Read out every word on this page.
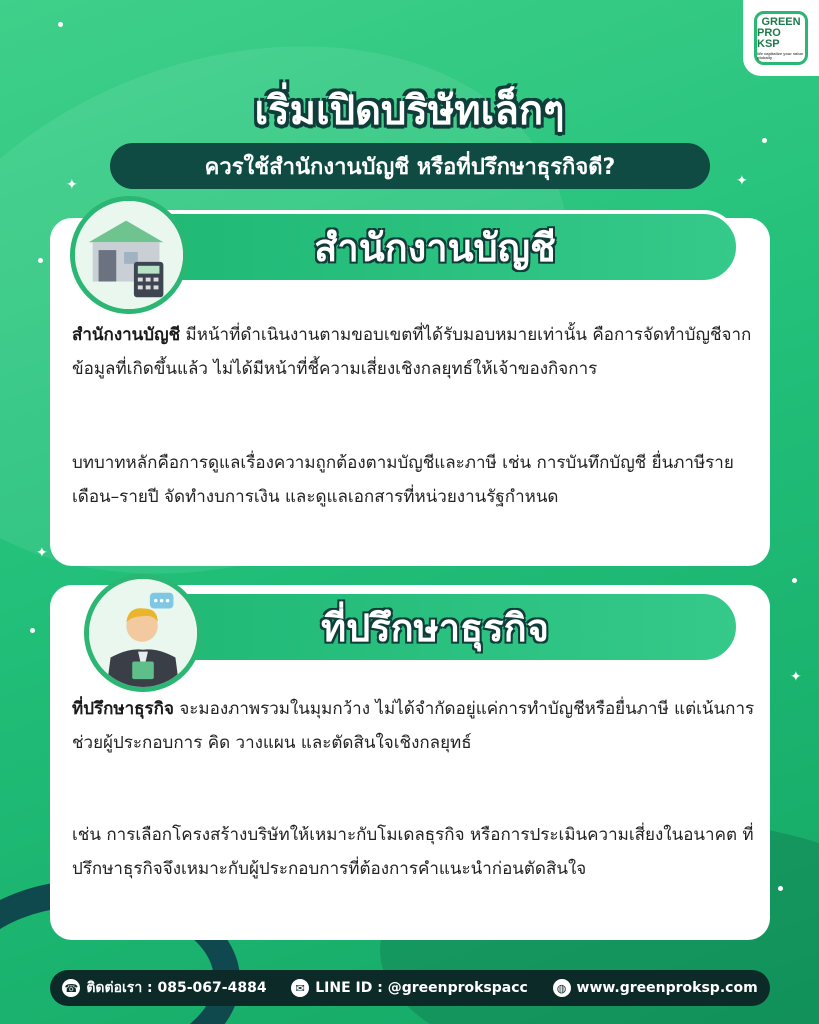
✦
✦
✦
✦
GREEN
PRO KSP
We capitalize your value globally
เริ่มเปิดบริษัทเล็กๆ
ควรใช้สำนักงานบัญชี หรือที่ปรึกษาธุรกิจดี?
สำนักงานบัญชี

สำนักงานบัญชี มีหน้าที่ดำเนินงานตามขอบเขตที่ได้รับมอบหมายเท่านั้น คือการจัดทำบัญชีจากข้อมูลที่เกิดขึ้นแล้ว ไม่ได้มีหน้าที่ชี้ความเสี่ยงเชิงกลยุทธ์ให้เจ้าของกิจการ

บทบาทหลักคือการดูแลเรื่องความถูกต้องตามบัญชีและภาษี เช่น การบันทึกบัญชี ยื่นภาษีรายเดือน–รายปี จัดทำงบการเงิน และดูแลเอกสารที่หน่วยงานรัฐกำหนด

ที่ปรึกษาธุรกิจ

ที่ปรึกษาธุรกิจ จะมองภาพรวมในมุมกว้าง ไม่ได้จำกัดอยู่แค่การทำบัญชีหรือยื่นภาษี แต่เน้นการช่วยผู้ประกอบการ คิด วางแผน และตัดสินใจเชิงกลยุทธ์

เช่น การเลือกโครงสร้างบริษัทให้เหมาะกับโมเดลธุรกิจ หรือการประเมินความเสี่ยงในอนาคต ที่ปรึกษาธุรกิจจึงเหมาะกับผู้ประกอบการที่ต้องการคำแนะนำก่อนตัดสินใจ

☎ ติดต่อเรา : 085-067-4884	✉ LINE ID : @greenprokspacc	◍ www.greenproksp.com
